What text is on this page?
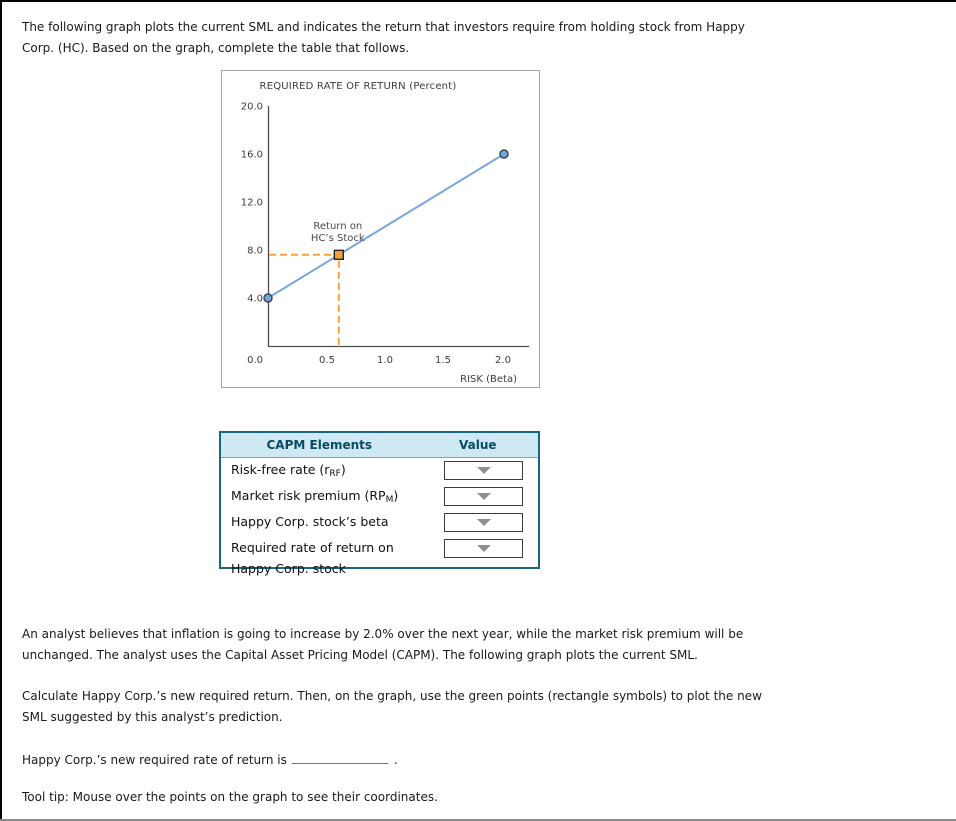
The following graph plots the current SML and indicates the return that investors require from holding stock from Happy Corp. (HC). Based on the graph, complete the table that follows.

REQUIRED RATE OF RETURN (Percent)
20.0
16.0
12.0
8.0
4.0
0.0	0.5	1.0	1.5	2.0
RISK (Beta)
Return on
HC’s Stock
CAPM Elements	Value
Risk-free rate $(r_{RF})$
Market risk premium $(RP_M)$
Happy Corp. stock’s beta
Required rate of return on Happy Corp. stock

An analyst believes that inflation is going to increase by 2.0% over the next year, while the market risk premium will be unchanged. The analyst uses the Capital Asset Pricing Model (CAPM). The following graph plots the current SML.

Calculate Happy Corp.’s new required return. Then, on the graph, use the green points (rectangle symbols) to plot the new SML suggested by this analyst’s prediction.

Happy Corp.’s new required rate of return is	.

Tool tip: Mouse over the points on the graph to see their coordinates.
